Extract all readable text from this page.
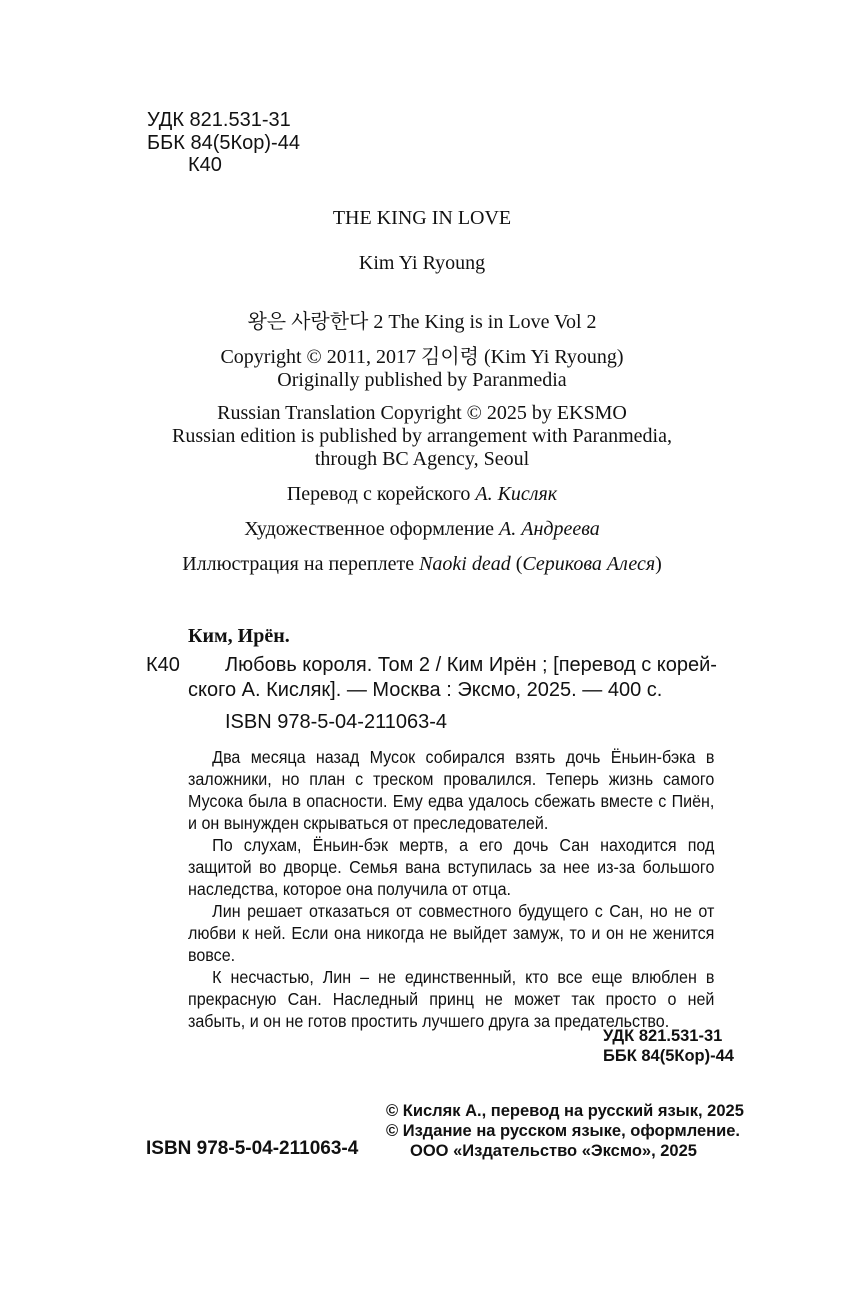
УДК 821.531-31
ББК 84(5Кор)-44
К40
THE KING IN LOVE
Kim Yi Ryoung
왕은 사랑한다 2 The King is in Love Vol 2
Copyright © 2011, 2017 김이령 (Kim Yi Ryoung)
Originally published by Paranmedia
Russian Translation Copyright © 2025 by EKSMO
Russian edition is published by arrangement with Paranmedia,
through BC Agency, Seoul
Перевод с корейского А. Кисляк
Художественное оформление А. Андреева
Иллюстрация на переплете Naoki dead (Серикова Алеся)
Ким, Ирён.
К40 Любовь короля. Том 2 / Ким Ирён ; [перевод с корей-
ского А. Кисляк]. — Москва : Эксмо, 2025. — 400 с.
ISBN 978-5-04-211063-4

Два месяца назад Мусок собирался взять дочь Ёньин-бэка в заложники, но план с треском провалился. Теперь жизнь самого Мусока была в опасности. Ему едва удалось сбежать вместе с Пиён, и он вынужден скрываться от преследователей.

По слухам, Ёньин-бэк мертв, а его дочь Сан находится под защитой во дворце. Семья вана вступилась за нее из-за большого наследства, которое она получила от отца.

Лин решает отказаться от совместного будущего с Сан, но не от любви к ней. Если она никогда не выйдет замуж, то и он не женится вовсе.

К несчастью, Лин – не единственный, кто все еще влюблен в прекрасную Сан. Наследный принц не может так просто о ней забыть, и он не готов простить лучшего друга за предательство.

УДК 821.531-31
ББК 84(5Кор)-44
ISBN 978-5-04-211063-4
© Кисляк А., перевод на русский язык, 2025
© Издание на русском языке, оформление.
ООО «Издательство «Эксмо», 2025
